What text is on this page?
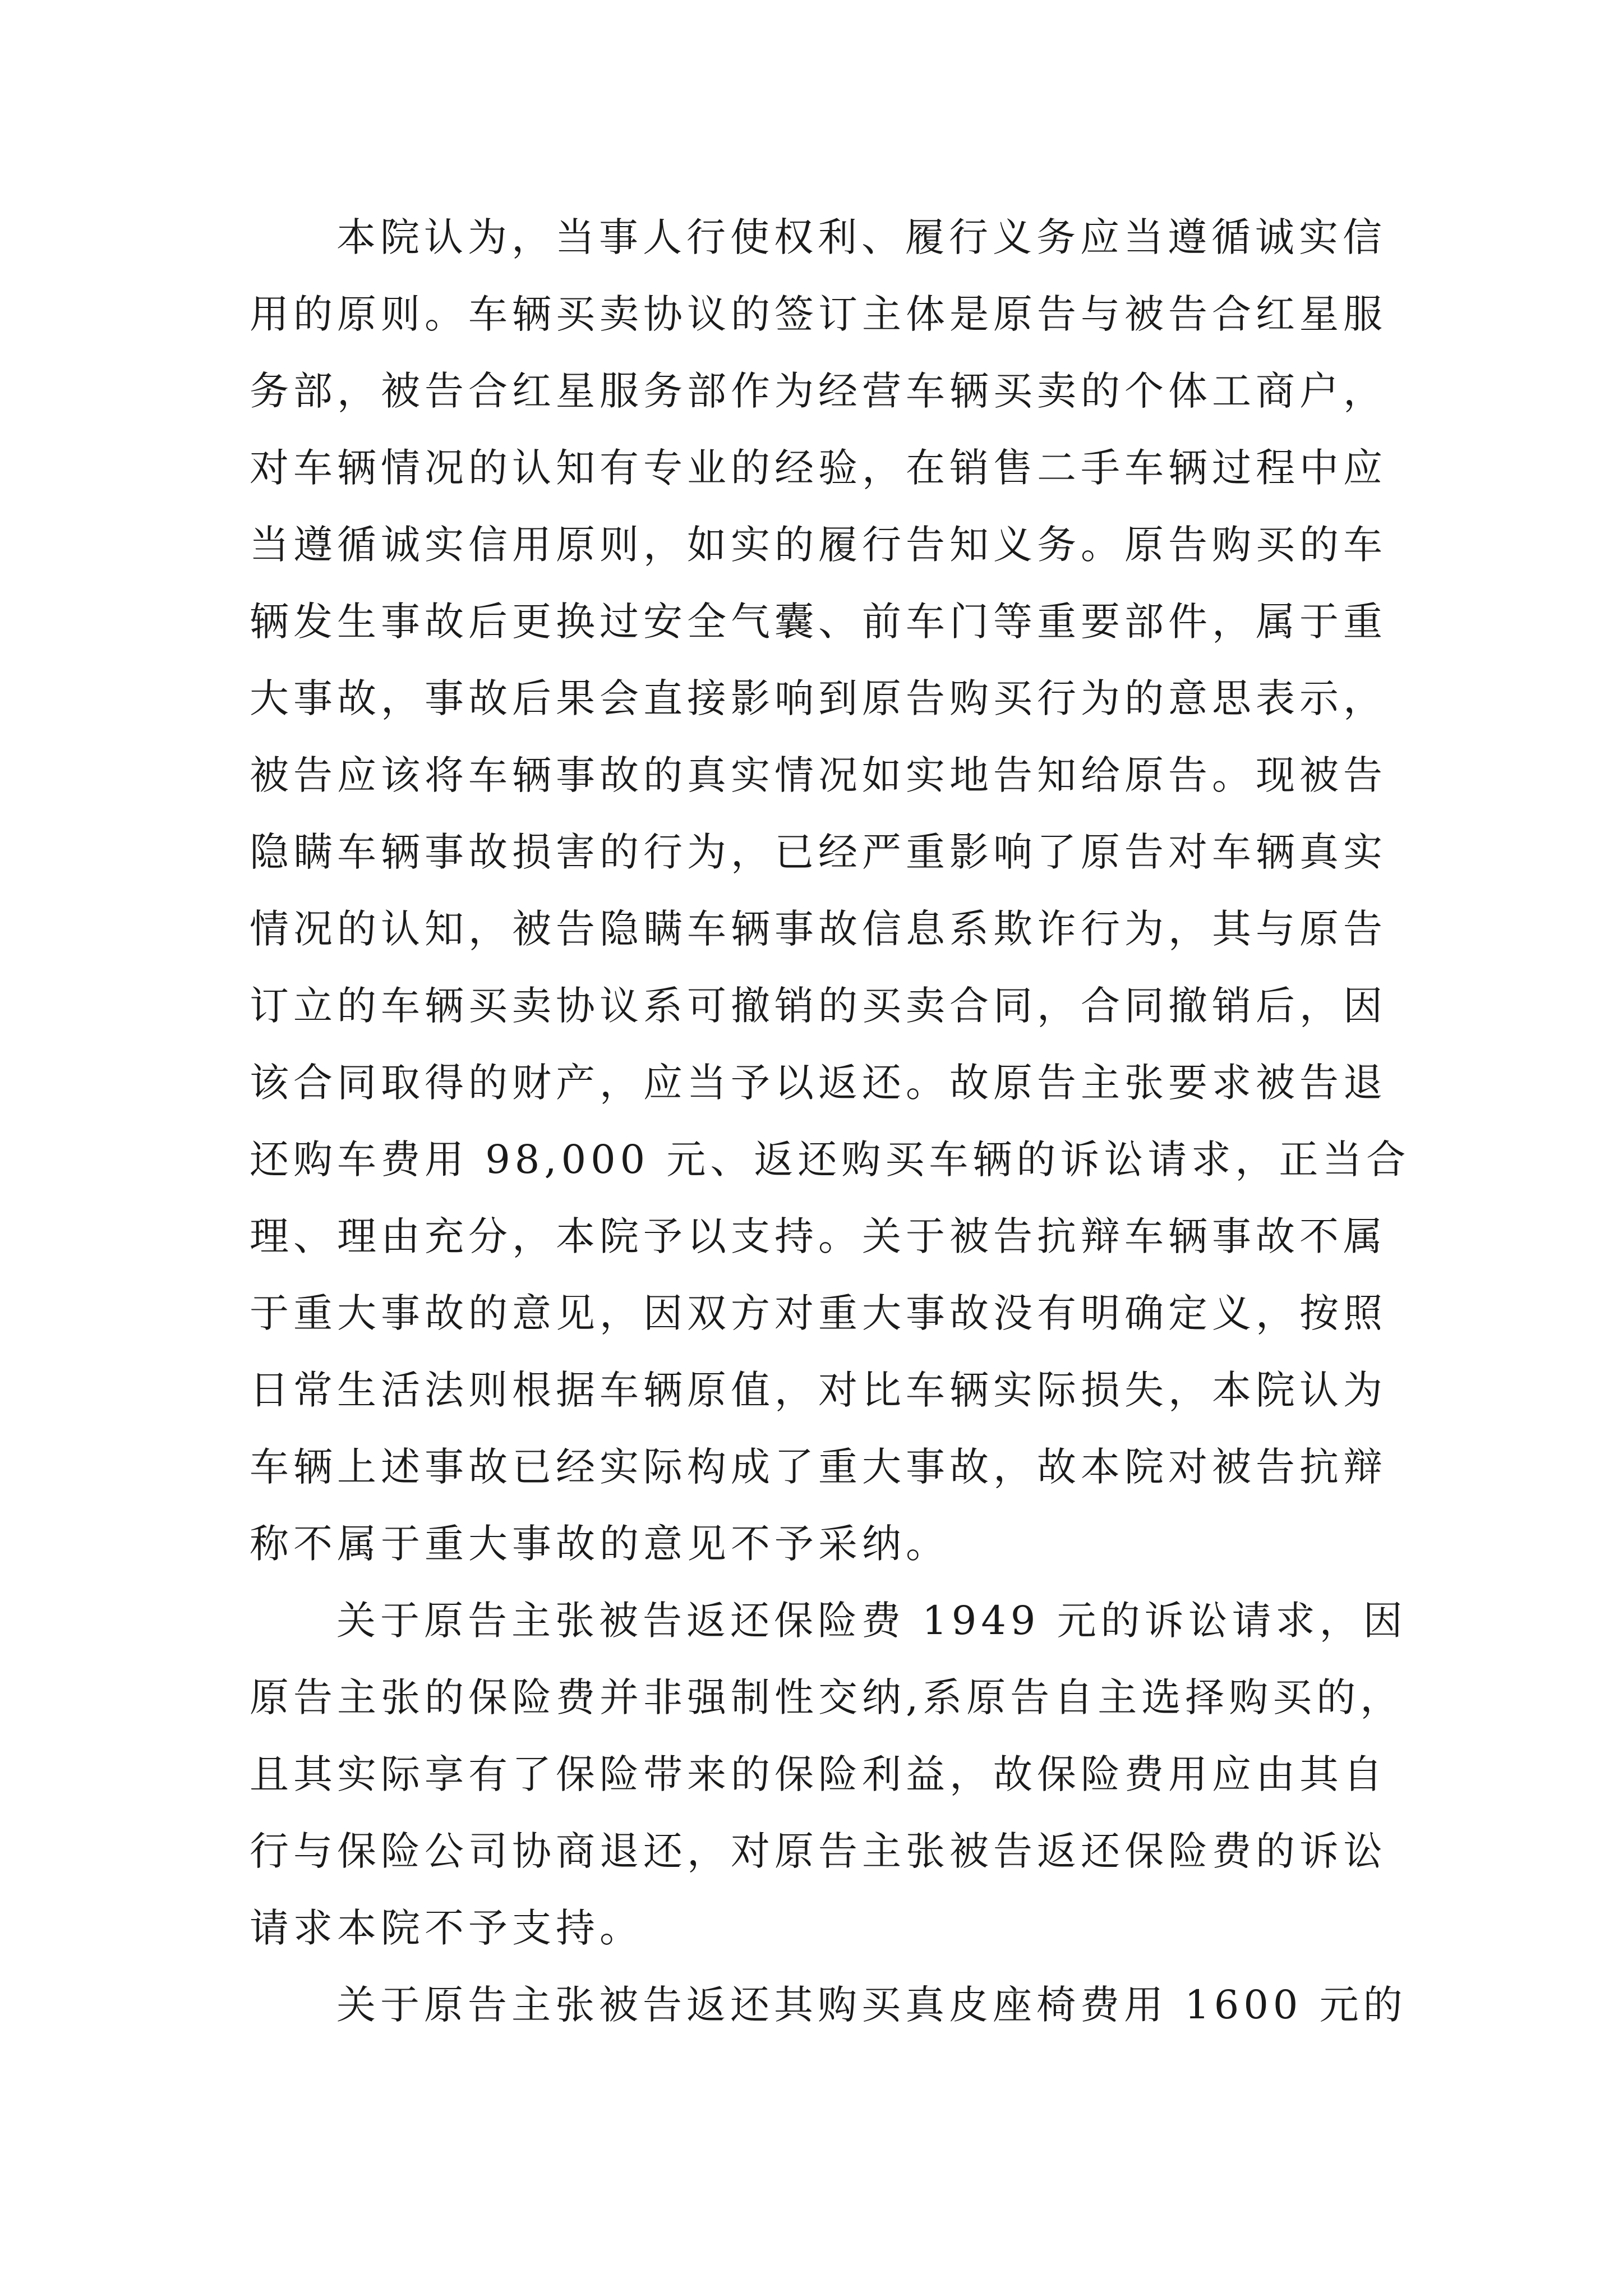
本院认为，当事人行使权利、履行义务应当遵循诚实信
用的原则。车辆买卖协议的签订主体是原告与被告合红星服
务部，被告合红星服务部作为经营车辆买卖的个体工商户，
对车辆情况的认知有专业的经验，在销售二手车辆过程中应
当遵循诚实信用原则，如实的履行告知义务。原告购买的车
辆发生事故后更换过安全气囊、前车门等重要部件，属于重
大事故，事故后果会直接影响到原告购买行为的意思表示，
被告应该将车辆事故的真实情况如实地告知给原告。现被告
隐瞒车辆事故损害的行为，已经严重影响了原告对车辆真实
情况的认知，被告隐瞒车辆事故信息系欺诈行为，其与原告
订立的车辆买卖协议系可撤销的买卖合同，合同撤销后，因
该合同取得的财产，应当予以返还。故原告主张要求被告退
还购车费用 98,000 元、返还购买车辆的诉讼请求，正当合
理、理由充分，本院予以支持。关于被告抗辩车辆事故不属
于重大事故的意见，因双方对重大事故没有明确定义，按照
日常生活法则根据车辆原值，对比车辆实际损失，本院认为
车辆上述事故已经实际构成了重大事故，故本院对被告抗辩
称不属于重大事故的意见不予采纳。
关于原告主张被告返还保险费 1949 元的诉讼请求，因
原告主张的保险费并非强制性交纳,系原告自主选择购买的，
且其实际享有了保险带来的保险利益，故保险费用应由其自
行与保险公司协商退还，对原告主张被告返还保险费的诉讼
请求本院不予支持。
关于原告主张被告返还其购买真皮座椅费用 1600 元的
